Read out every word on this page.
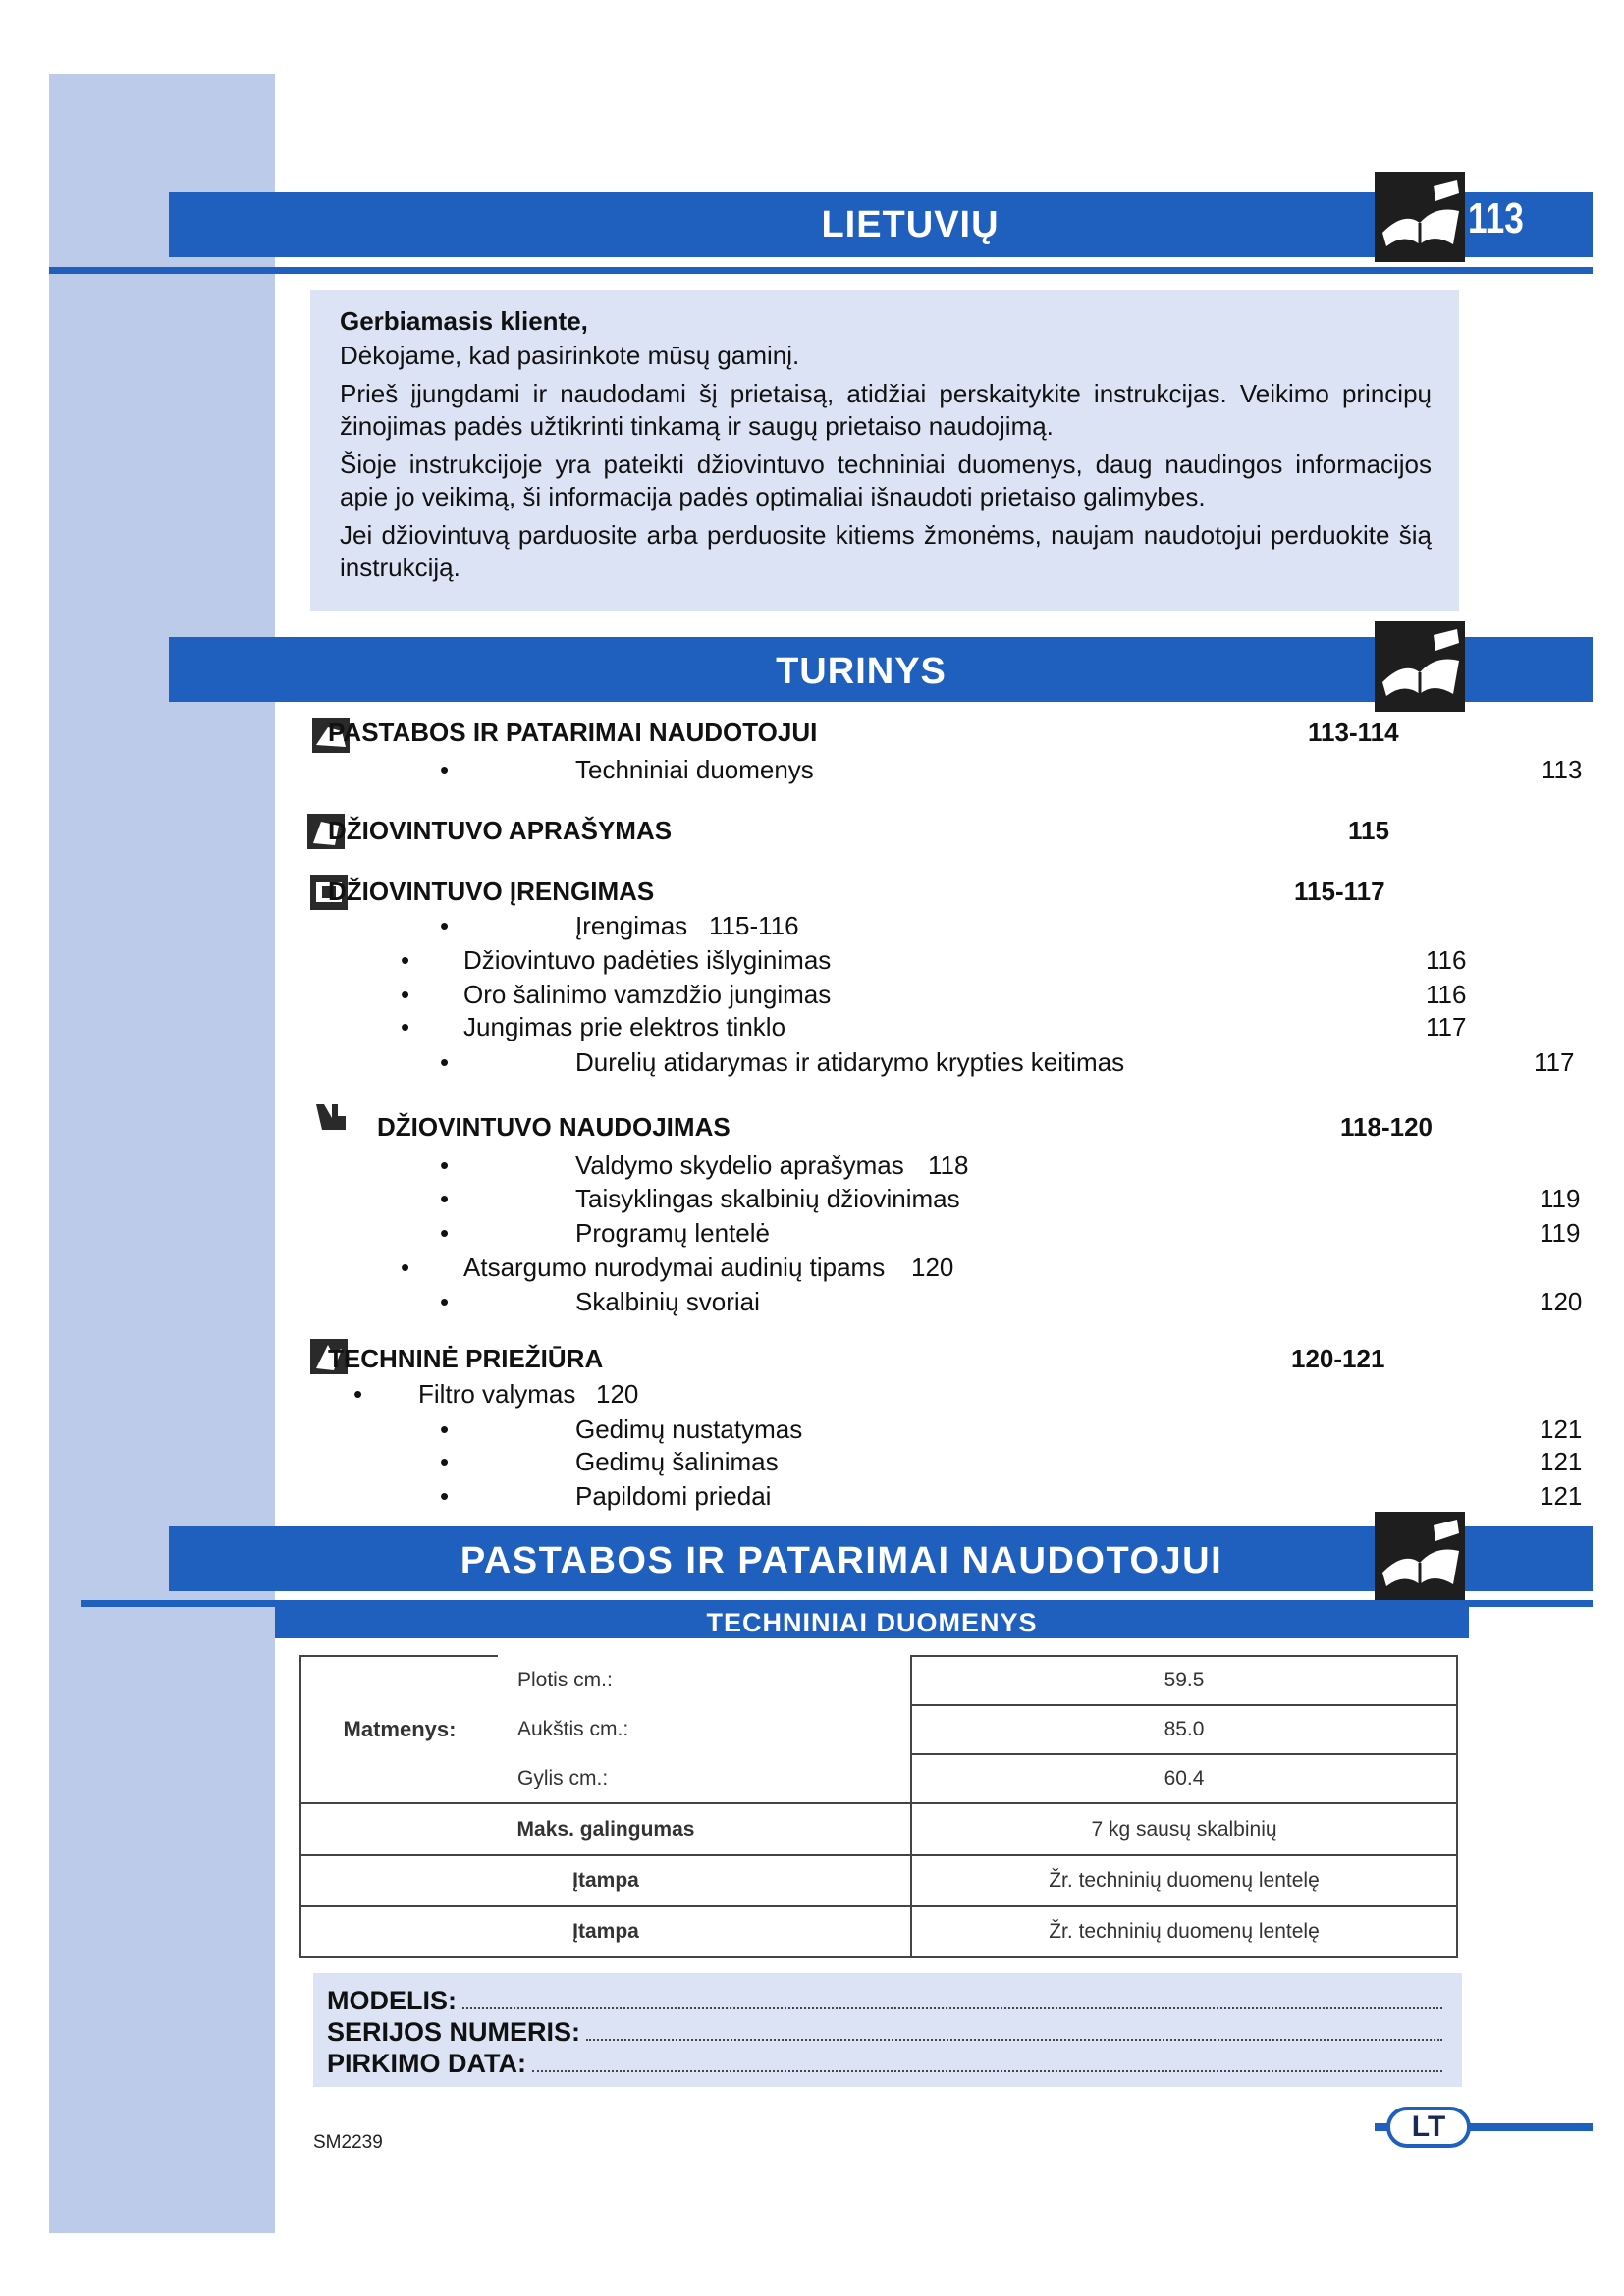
LIETUVIŲ	113

Gerbiamasis kliente,

Dėkojame, kad pasirinkote mūsų gaminį.

Prieš įjungdami ir naudodami šį prietaisą, atidžiai perskaitykite instrukcijas. Veikimo principų žinojimas padės užtikrinti tinkamą ir saugų prietaiso naudojimą.

Šioje instrukcijoje yra pateikti džiovintuvo techniniai duomenys, daug naudingos informacijos apie jo veikimą, ši informacija padės optimaliai išnaudoti prietaiso galimybes.

Jei džiovintuvą parduosite arba perduosite kitiems žmonėms, naujam naudotojui perduokite šią instrukciją.

TURINYS
PASTABOS IR PATARIMAI NAUDOTOJUI	113-114
•	Techniniai duomenys	113
DŽIOVINTUVO APRAŠYMAS	115
DŽIOVINTUVO ĮRENGIMAS	115-117
•	Įrengimas 115-116
• Džiovintuvo padėties išlyginimas	116
• Oro šalinimo vamzdžio jungimas	116
• Jungimas prie elektros tinklo	117
•	Durelių atidarymas ir atidarymo krypties keitimas	117
DŽIOVINTUVO NAUDOJIMAS	118-120
•	Valdymo skydelio aprašymas 118
•	Taisyklingas skalbinių džiovinimas	119
•	Programų lentelė	119
• Atsargumo nurodymai audinių tipams 120
•	Skalbinių svoriai	120
TECHNINĖ PRIEŽIŪRA	120-121
• Filtro valymas 120
•	Gedimų nustatymas	121
•	Gedimų šalinimas	121
•	Papildomi priedai	121
PASTABOS IR PATARIMAI NAUDOTOJUI
TECHNINIAI DUOMENYS
Matmenys:	Plotis cm.:	59.5
	Aukštis cm.:	85.0
	Gylis cm.:	60.4
Maks. galingumas		7 kg sausų skalbinių
Įtampa		Žr. techninių duomenų lentelę
Įtampa		Žr. techninių duomenų lentelę
MODELIS:
SERIJOS NUMERIS:
PIRKIMO DATA:
LT
SM2239
